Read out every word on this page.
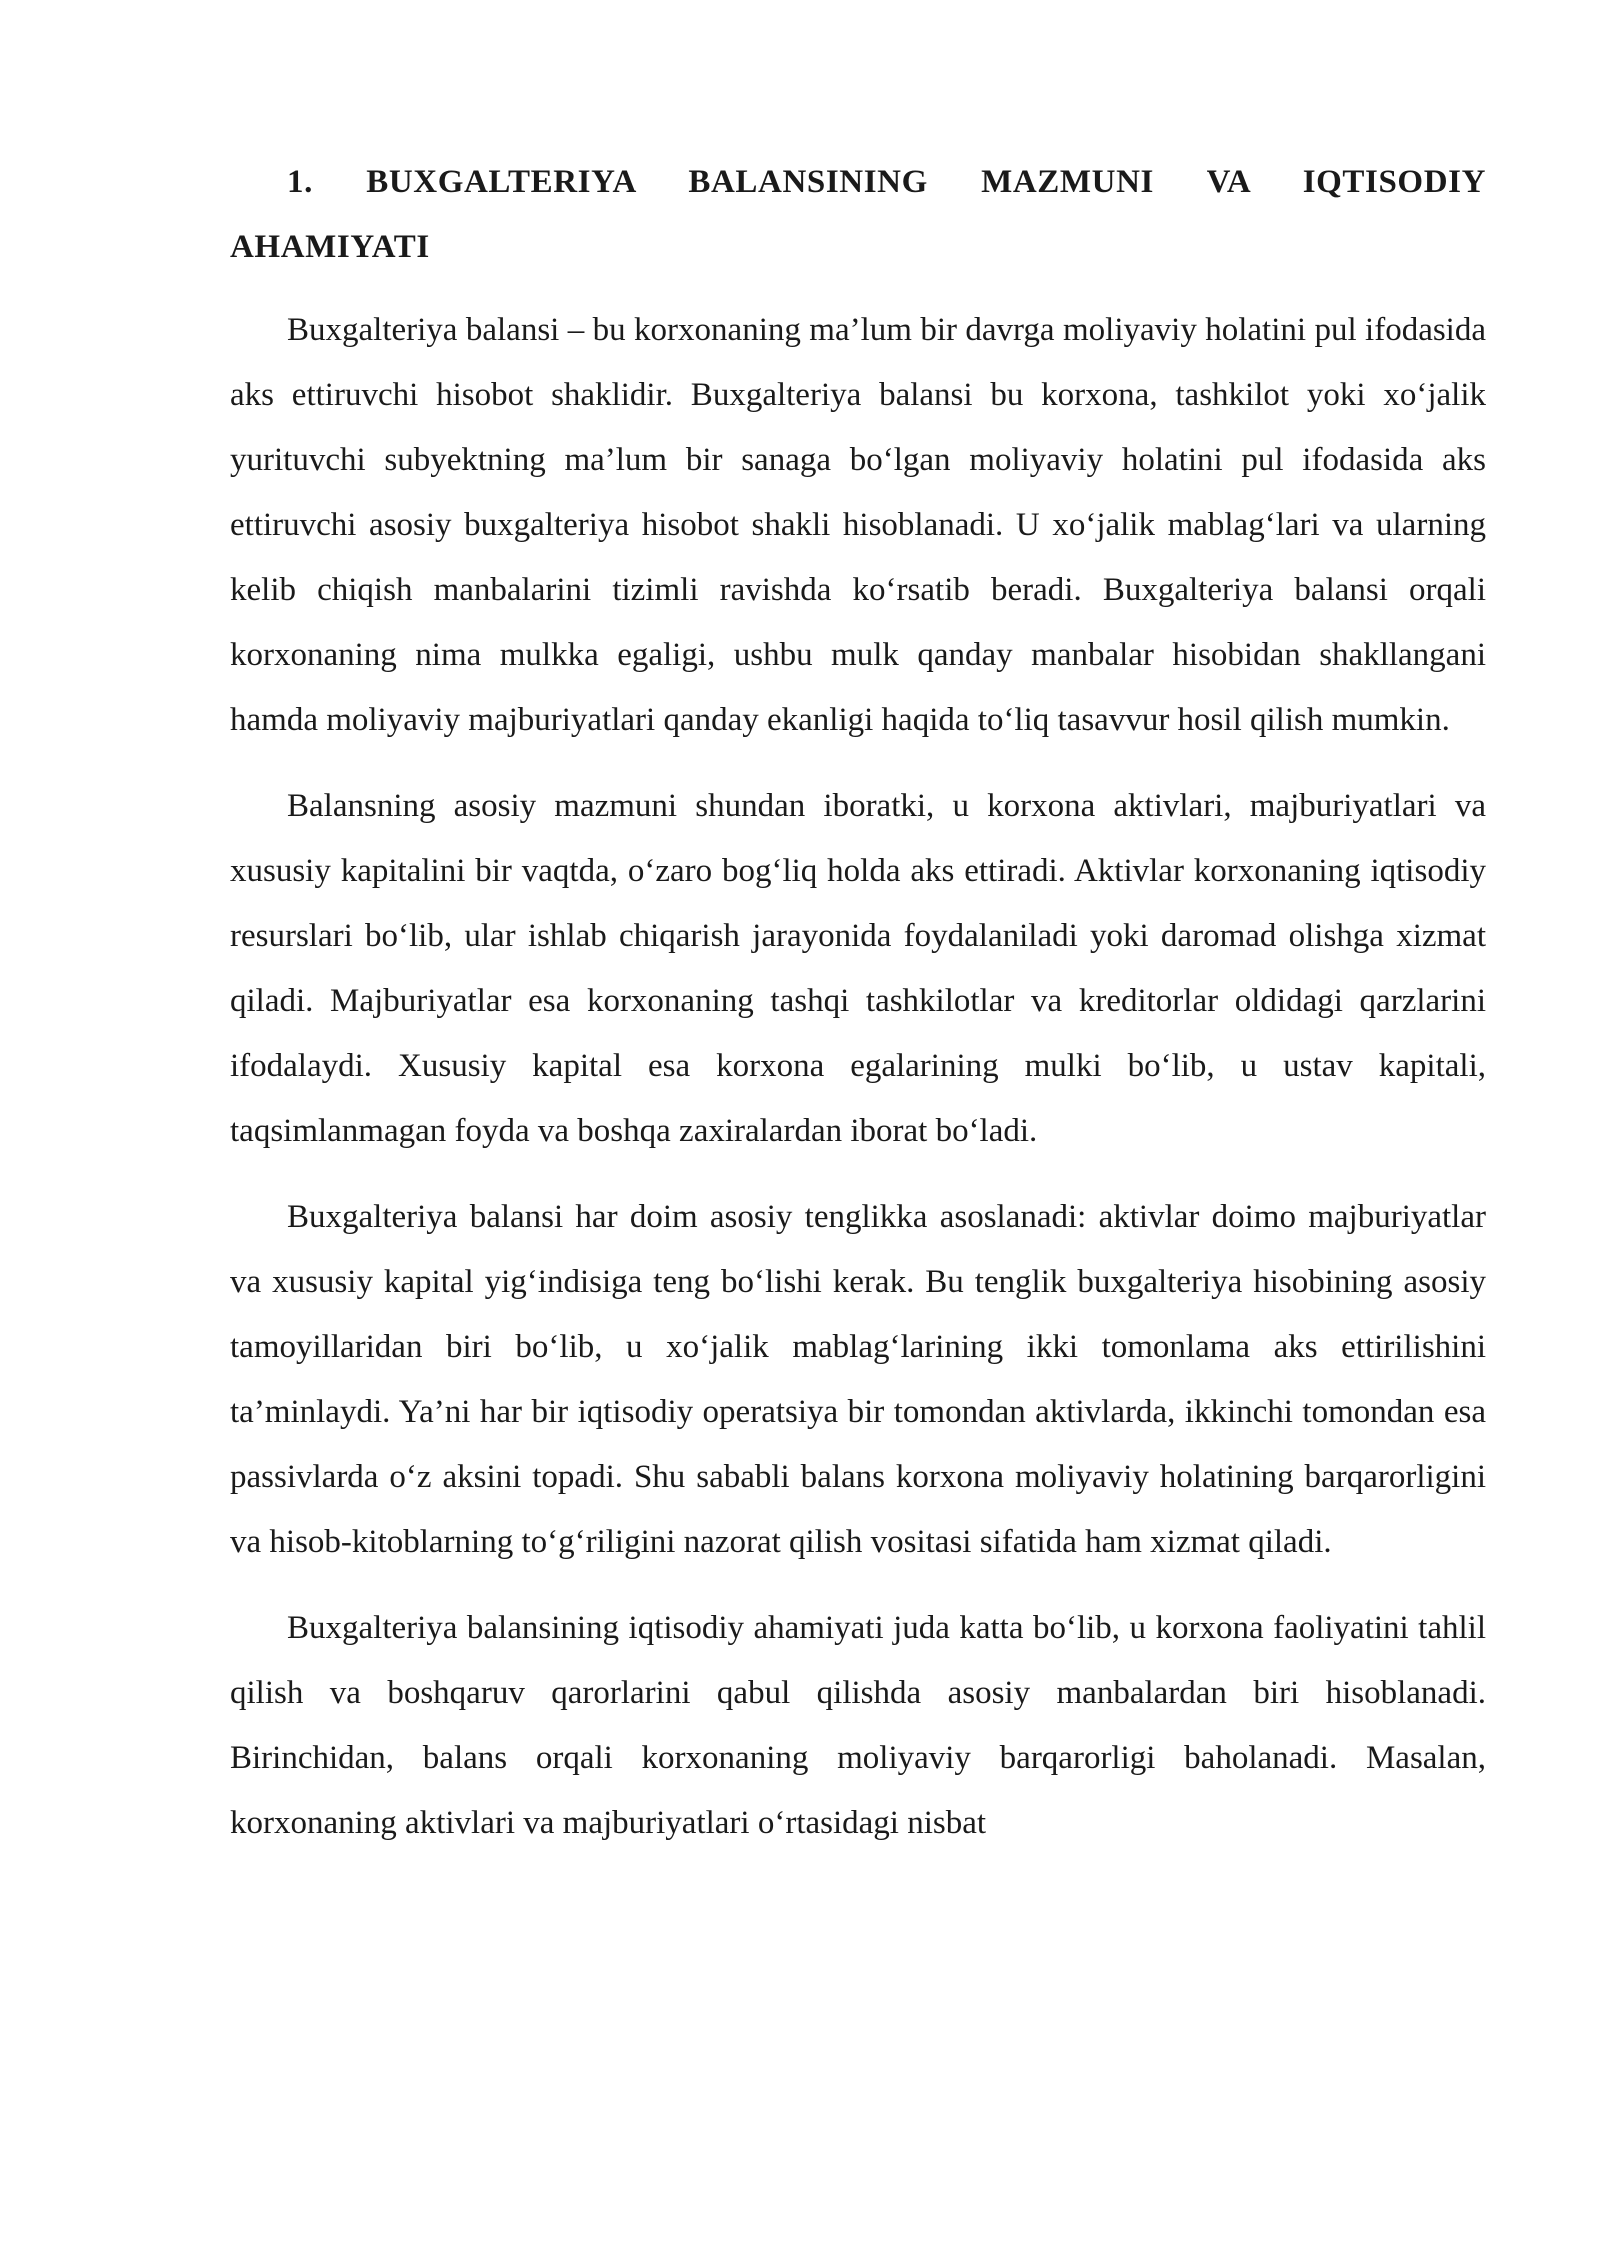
1. BUXGALTERIYA BALANSINING MAZMUNI VA IQTISODIY AHAMIYATI

Buxgalteriya balansi – bu korxonaning ma’lum bir davrga moliyaviy holatini pul ifodasida aks ettiruvchi hisobot shaklidir. Buxgalteriya balansi bu korxona, tashkilot yoki xo‘jalik yurituvchi subyektning ma’lum bir sanaga bo‘lgan moliyaviy holatini pul ifodasida aks ettiruvchi asosiy buxgalteriya hisobot shakli hisoblanadi. U xo‘jalik mablag‘lari va ularning kelib chiqish manbalarini tizimli ravishda ko‘rsatib beradi. Buxgalteriya balansi orqali korxonaning nima mulkka egaligi, ushbu mulk qanday manbalar hisobidan shakllangani hamda moliyaviy majburiyatlari qanday ekanligi haqida to‘liq tasavvur hosil qilish mumkin.

Balansning asosiy mazmuni shundan iboratki, u korxona aktivlari, majburiyatlari va xususiy kapitalini bir vaqtda, o‘zaro bog‘liq holda aks ettiradi. Aktivlar korxonaning iqtisodiy resurslari bo‘lib, ular ishlab chiqarish jarayonida foydalaniladi yoki daromad olishga xizmat qiladi. Majburiyatlar esa korxonaning tashqi tashkilotlar va kreditorlar oldidagi qarzlarini ifodalaydi. Xususiy kapital esa korxona egalarining mulki bo‘lib, u ustav kapitali, taqsimlanmagan foyda va boshqa zaxiralardan iborat bo‘ladi.

Buxgalteriya balansi har doim asosiy tenglikka asoslanadi: aktivlar doimo majburiyatlar va xususiy kapital yig‘indisiga teng bo‘lishi kerak. Bu tenglik buxgalteriya hisobining asosiy tamoyillaridan biri bo‘lib, u xo‘jalik mablag‘larining ikki tomonlama aks ettirilishini ta’minlaydi. Ya’ni har bir iqtisodiy operatsiya bir tomondan aktivlarda, ikkinchi tomondan esa passivlarda o‘z aksini topadi. Shu sababli balans korxona moliyaviy holatining barqarorligini va hisob-kitoblarning to‘g‘riligini nazorat qilish vositasi sifatida ham xizmat qiladi.

Buxgalteriya balansining iqtisodiy ahamiyati juda katta bo‘lib, u korxona faoliyatini tahlil qilish va boshqaruv qarorlarini qabul qilishda asosiy manbalardan biri hisoblanadi. Birinchidan, balans orqali korxonaning moliyaviy barqarorligi baholanadi. Masalan, korxonaning aktivlari va majburiyatlari o‘rtasidagi nisbat
